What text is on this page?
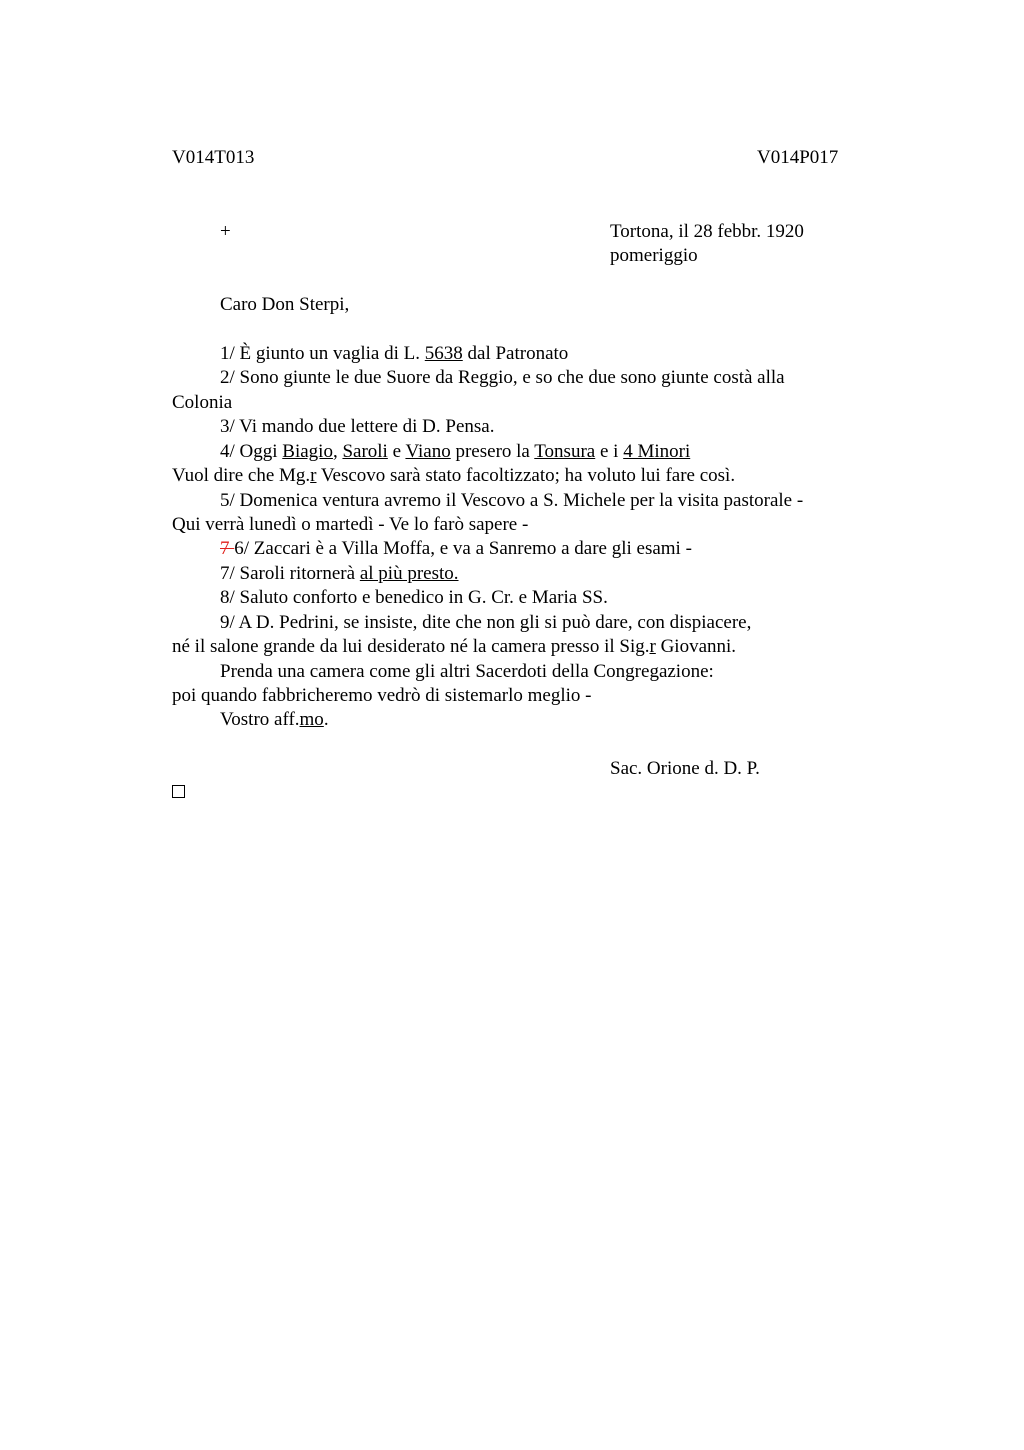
V014T013	V014P017
+	Tortona, il 28 febbr. 1920
pomeriggio
Caro Don Sterpi,
1/ È giunto un vaglia di L. 5638 dal Patronato
2/ Sono giunte le due Suore da Reggio, e so che due sono giunte costà alla
Colonia
3/ Vi mando due lettere di D. Pensa.
4/ Oggi Biagio, Saroli e Viano presero la Tonsura e i 4 Minori
Vuol dire che Mg.r Vescovo sarà stato facoltizzato; ha voluto lui fare così.
5/ Domenica ventura avremo il Vescovo a S. Michele per la visita pastorale -
Qui verrà lunedì o martedì - Ve lo farò sapere -
7 6/ Zaccari è a Villa Moffa, e va a Sanremo a dare gli esami -
7/ Saroli ritornerà al più presto.
8/ Saluto conforto e benedico in G. Cr. e Maria SS.
9/ A D. Pedrini, se insiste, dite che non gli si può dare, con dispiacere,
né il salone grande da lui desiderato né la camera presso il Sig.r Giovanni.
Prenda una camera come gli altri Sacerdoti della Congregazione:
poi quando fabbricheremo vedrò di sistemarlo meglio -
Vostro aff.mo.
Sac. Orione d. D. P.
